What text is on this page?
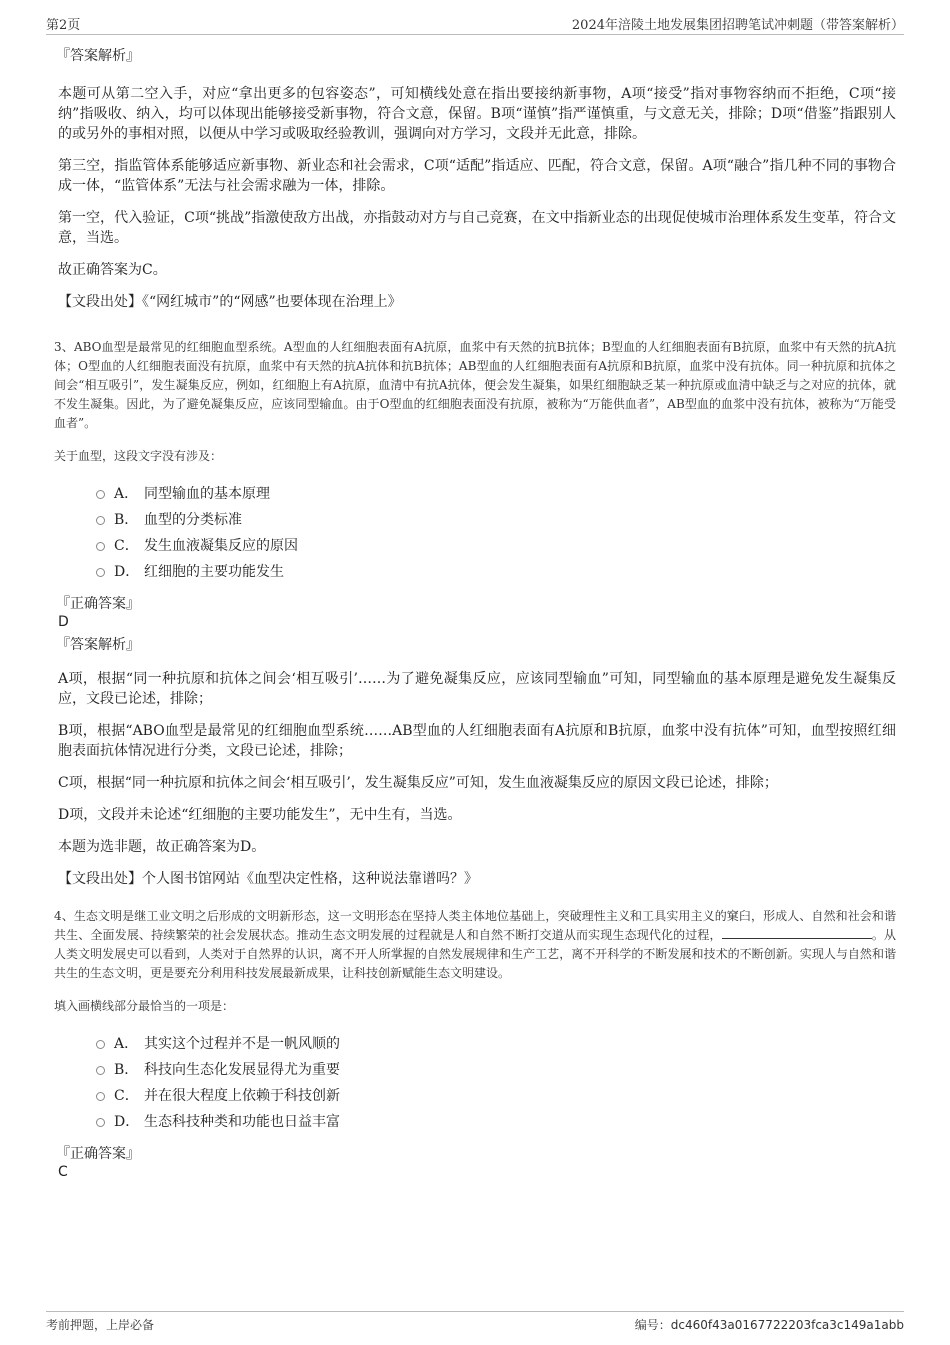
第2页	2024年涪陵土地发展集团招聘笔试冲刺题（带答案解析）
『答案解析』

本题可从第二空入手，对应“拿出更多的包容姿态”，可知横线处意在指出要接纳新事物，A项“接受”指对事物容纳而不拒绝，C项“接纳”指吸收、纳入，均可以体现出能够接受新事物，符合文意，保留。B项“谨慎”指严谨慎重，与文意无关，排除；D项“借鉴”指跟别人的或另外的事相对照，以便从中学习或吸取经验教训，强调向对方学习，文段并无此意，排除。

第三空，指监管体系能够适应新事物、新业态和社会需求，C项“适配”指适应、匹配，符合文意，保留。A项“融合”指几种不同的事物合成一体，“监管体系”无法与社会需求融为一体，排除。

第一空，代入验证，C项“挑战”指激使敌方出战，亦指鼓动对方与自己竞赛，在文中指新业态的出现促使城市治理体系发生变革，符合文意，当选。

故正确答案为C。

【文段出处】《“网红城市”的“网感”也要体现在治理上》

3、ABO血型是最常见的红细胞血型系统。A型血的人红细胞表面有A抗原，血浆中有天然的抗B抗体；B型血的人红细胞表面有B抗原，血浆中有天然的抗A抗体；O型血的人红细胞表面没有抗原，血浆中有天然的抗A抗体和抗B抗体；AB型血的人红细胞表面有A抗原和B抗原，血浆中没有抗体。同一种抗原和抗体之间会“相互吸引”，发生凝集反应，例如，红细胞上有A抗原，血清中有抗A抗体，便会发生凝集，如果红细胞缺乏某一种抗原或血清中缺乏与之对应的抗体，就不发生凝集。因此，为了避免凝集反应，应该同型输血。由于O型血的红细胞表面没有抗原，被称为“万能供血者”，AB型血的血浆中没有抗体，被称为“万能受血者”。

关于血型，这段文字没有涉及：

A． 同型输血的基本原理
B． 血型的分类标准
C． 发生血液凝集反应的原因
D． 红细胞的主要功能发生
『正确答案』
D
『答案解析』

A项，根据“同一种抗原和抗体之间会‘相互吸引’……为了避免凝集反应，应该同型输血”可知，同型输血的基本原理是避免发生凝集反应，文段已论述，排除；

B项，根据“ABO血型是最常见的红细胞血型系统……AB型血的人红细胞表面有A抗原和B抗原，血浆中没有抗体”可知，血型按照红细胞表面抗体情况进行分类，文段已论述，排除；

C项，根据“同一种抗原和抗体之间会‘相互吸引’，发生凝集反应”可知，发生血液凝集反应的原因文段已论述，排除；

D项，文段并未论述“红细胞的主要功能发生”，无中生有，当选。

本题为选非题，故正确答案为D。

【文段出处】个人图书馆网站《血型决定性格，这种说法靠谱吗？》

4、生态文明是继工业文明之后形成的文明新形态，这一文明形态在坚持人类主体地位基础上，突破理性主义和工具实用主义的窠臼，形成人、自然和社会和谐共生、全面发展、持续繁荣的社会发展状态。推动生态文明发展的过程就是人和自然不断打交道从而实现生态现代化的过程，	。从人类文明发展史可以看到，人类对于自然界的认识，离不开人所掌握的自然发展规律和生产工艺，离不开科学的不断发展和技术的不断创新。实现人与自然和谐共生的生态文明，更是要充分利用科技发展最新成果，让科技创新赋能生态文明建设。

填入画横线部分最恰当的一项是：

A． 其实这个过程并不是一帆风顺的
B． 科技向生态化发展显得尤为重要
C． 并在很大程度上依赖于科技创新
D． 生态科技种类和功能也日益丰富
『正确答案』
C
考前押题，上岸必备	编号：dc460f43a0167722203fca3c149a1abb
